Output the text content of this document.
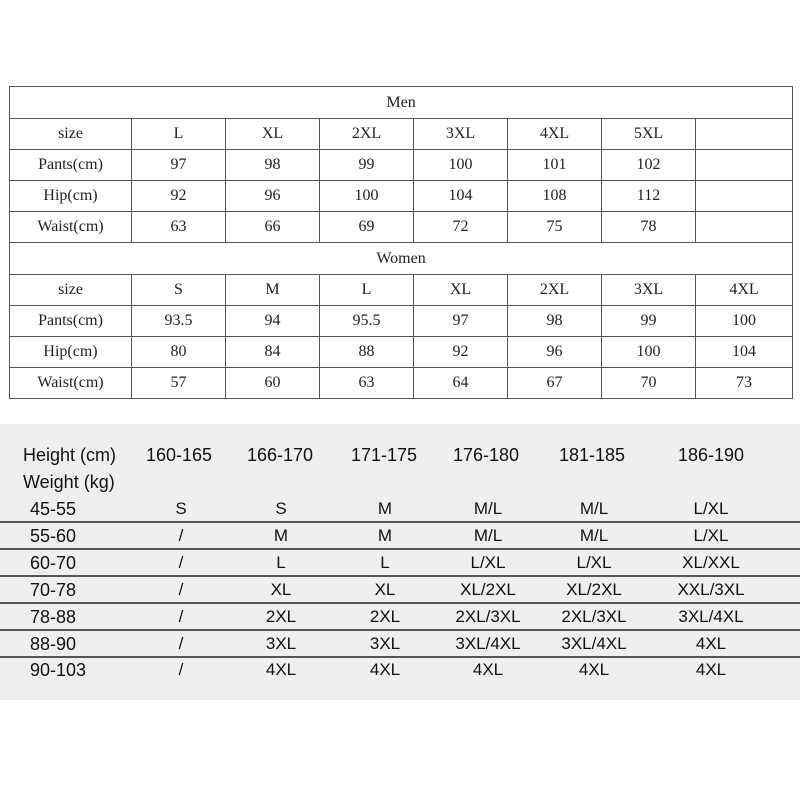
Men							
size	L	XL	2XL	3XL	4XL	5XL	
Pants(cm)	97	98	99	100	101	102	
Hip(cm)	92	96	100	104	108	112	
Waist(cm)	63	66	69	72	75	78	
Women							
size	S	M	L	XL	2XL	3XL	4XL
Pants(cm)	93.5	94	95.5	97	98	99	100
Hip(cm)	80	84	88	92	96	100	104
Waist(cm)	57	60	63	64	67	70	73
Height (cm)	160-165	166-170	171-175	176-180	181-185	186-190
Weight (kg)
45-55	S	S	M	M/L	M/L	L/XL
55-60	/	M	M	M/L	M/L	L/XL
60-70	/	L	L	L/XL	L/XL	XL/XXL
70-78	/	XL	XL	XL/2XL	XL/2XL	XXL/3XL
78-88	/	2XL	2XL	2XL/3XL	2XL/3XL	3XL/4XL
88-90	/	3XL	3XL	3XL/4XL	3XL/4XL	4XL
90-103	/	4XL	4XL	4XL	4XL	4XL
